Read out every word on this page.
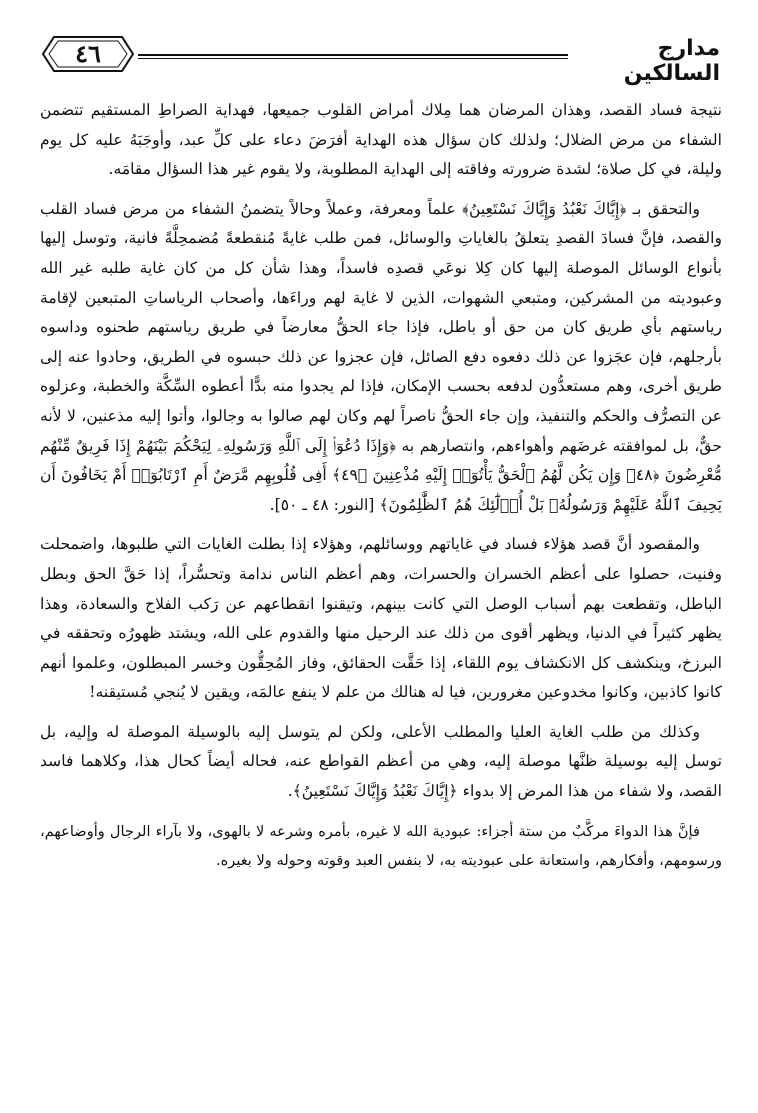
٤٦	مدارج السالكين

نتيجة فساد القصد، وهذان المرضان هما مِلاك أمراض القلوب جميعها، فهداية الصراطِ المستقيم تتضمن الشفاء من مرض الضلال؛ ولذلك كان سؤال هذه الهداية أفرَضَ دعاء على كلِّ عبد، وأوجَبَهُ عليه كل يوم وليلة، في كل صلاة؛ لشدة ضرورته وفاقته إلى الهداية المطلوبة، ولا يقوم غير هذا السؤال مقامَه.

والتحقق بـ ﴿إِيَّاكَ نَعْبُدُ وَإِيَّاكَ نَسْتَعِينُ﴾ علماً ومعرفة، وعملاً وحالاً يتضمنُ الشفاء من مرض فساد القلب والقصد، فإنَّ فسادَ القصدِ يتعلقُ بالغاياتِ والوسائل، فمن طلب غايةً مُنقطعةً مُضمحِلَّةً فانية، وتوسل إليها بأنواع الوسائل الموصلة إليها كان كِلا نوعَي قصدِه فاسداً، وهذا شأن كل من كان غاية طلبه غير الله وعبوديته من المشركين، ومتبعي الشهوات، الذين لا غاية لهم وراءَها، وأصحاب الرياساتِ المتبعين لإقامة رياستهم بأي طريق كان من حق أو باطل، فإذا جاء الحقُّ معارضاً في طريق رياستهم طحنوه وداسوه بأرجلهم، فإن عجَزوا عن ذلك دفعوه دفع الصائل، فإن عجزوا عن ذلك حبسوه في الطريق، وحادوا عنه إلى طريق أخرى، وهم مستعدُّون لدفعه بحسب الإمكان، فإذا لم يجدوا منه بدًّا أعطوه السِّكَّة والخطبة، وعزلوه عن التصرُّف والحكم والتنفيذ، وإن جاء الحقُّ ناصراً لهم وكان لهم صالوا به وجالوا، وأتوا إليه مذعنين، لا لأنه حقٌّ، بل لموافقته غرضَهم وأهواءهم، وانتصارهم به ﴿وَإِذَا دُعُوٓا۟ إِلَى ٱللَّهِ وَرَسُولِهِۦ لِيَحْكُمَ بَيْنَهُمْ إِذَا فَرِيقٌ مِّنْهُم مُّعْرِضُونَ ﴿٤٨﴾ وَإِن يَكُن لَّهُمُ ٱلْحَقُّ يَأْتُوٓا۟ إِلَيْهِ مُذْعِنِينَ ﴿٤٩﴾ أَفِى قُلُوبِهِم مَّرَضٌ أَمِ ٱرْتَابُوٓا۟ أَمْ يَخَافُونَ أَن يَحِيفَ ٱللَّهُ عَلَيْهِمْ وَرَسُولُهُۥ بَلْ أُو۟لَٰٓئِكَ هُمُ ٱلظَّٰلِمُونَ﴾ [النور: ٤٨ ـ ٥٠].

والمقصود أنَّ قصد هؤلاء فساد في غاياتهم ووسائلهم، وهؤلاء إذا بطلت الغايات التي طلبوها، واضمحلت وفنيت، حصلوا على أعظم الخسران والحسرات، وهم أعظم الناس ندامة وتحسُّراً، إذا حَقَّ الحق وبطل الباطل، وتقطعت بهم أسباب الوصل التي كانت بينهم، وتيقنوا انقطاعهم عن رَكب الفلاح والسعادة، وهذا يظهر كثيراً في الدنيا، ويظهر أقوى من ذلك عند الرحيل منها والقدوم على الله، ويشتد ظهورُه وتحققه في البرزخ، وينكشف كل الانكشاف يوم اللقاء، إذا حَقَّت الحقائق، وفاز المُحِقُّون وخسر المبطلون، وعلموا أنهم كانوا كاذبين، وكانوا مخدوعين مغرورين، فيا له هنالك من علم لا ينفع عالمَه، ويقين لا يُنجي مُستيقنه!

وكذلك من طلب الغاية العليا والمطلب الأعلى، ولكن لم يتوسل إليه بالوسيلة الموصلة له وإليه، بل توسل إليه بوسيلة ظنَّها موصلة إليه، وهي من أعظم القواطع عنه، فحاله أيضاً كحال هذا، وكلاهما فاسد القصد، ولا شفاء من هذا المرض إلا بدواء ﴿إِيَّاكَ نَعْبُدُ وَإِيَّاكَ نَسْتَعِينُ﴾.

فإنَّ هذا الدواءَ مركَّبٌ من ستة أجزاء: عبودية الله لا غيره، بأمره وشرعه لا بالهوى، ولا بآراء الرجال وأوضاعهم، ورسومهم، وأفكارهم، واستعانة على عبوديته به، لا بنفس العبد وقوته وحوله ولا بغيره.
